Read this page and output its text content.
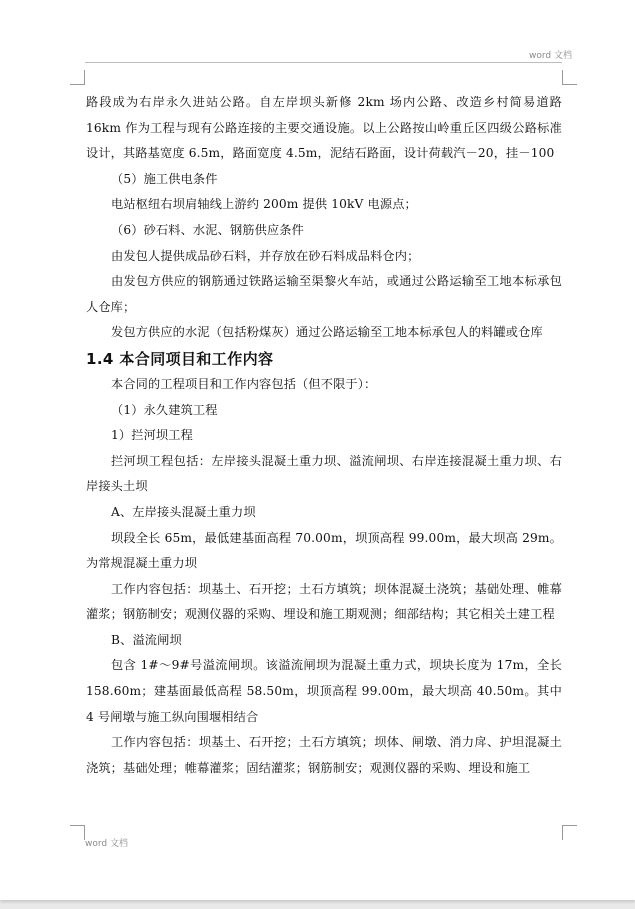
word 文档

路段成为右岸永久进站公路。自左岸坝头新修 2km 场内公路、改造乡村简易道路 16km 作为工程与现有公路连接的主要交通设施。以上公路按山岭重丘区四级公路标准设计，其路基宽度 6.5m，路面宽度 4.5m，泥结石路面，设计荷载汽－20，挂－100

（5）施工供电条件

电站枢纽右坝肩轴线上游约 200m 提供 10kV 电源点；

（6）砂石料、水泥、钢筋供应条件

由发包人提供成品砂石料，并存放在砂石料成品料仓内；

由发包方供应的钢筋通过铁路运输至渠黎火车站，或通过公路运输至工地本标承包人仓库；

发包方供应的水泥（包括粉煤灰）通过公路运输至工地本标承包人的料罐或仓库

1.4 本合同项目和工作内容

本合同的工程项目和工作内容包括（但不限于）：

（1）永久建筑工程

1）拦河坝工程

拦河坝工程包括：左岸接头混凝土重力坝、溢流闸坝、右岸连接混凝土重力坝、右岸接头土坝

A、左岸接头混凝土重力坝

坝段全长 65m，最低建基面高程 70.00m，坝顶高程 99.00m，最大坝高 29m。为常规混凝土重力坝

工作内容包括：坝基土、石开挖；土石方填筑；坝体混凝土浇筑；基础处理、帷幕灌浆；钢筋制安；观测仪器的采购、埋设和施工期观测；细部结构；其它相关土建工程

B、溢流闸坝

包含 1#～9#号溢流闸坝。该溢流闸坝为混凝土重力式，坝块长度为 17m，全长 158.60m；建基面最低高程 58.50m，坝顶高程 99.00m，最大坝高 40.50m。其中 4 号闸墩与施工纵向围堰相结合

工作内容包括：坝基土、石开挖；土石方填筑；坝体、闸墩、消力戽、护坦混凝土浇筑；基础处理；帷幕灌浆；固结灌浆；钢筋制安；观测仪器的采购、埋设和施工

word 文档
